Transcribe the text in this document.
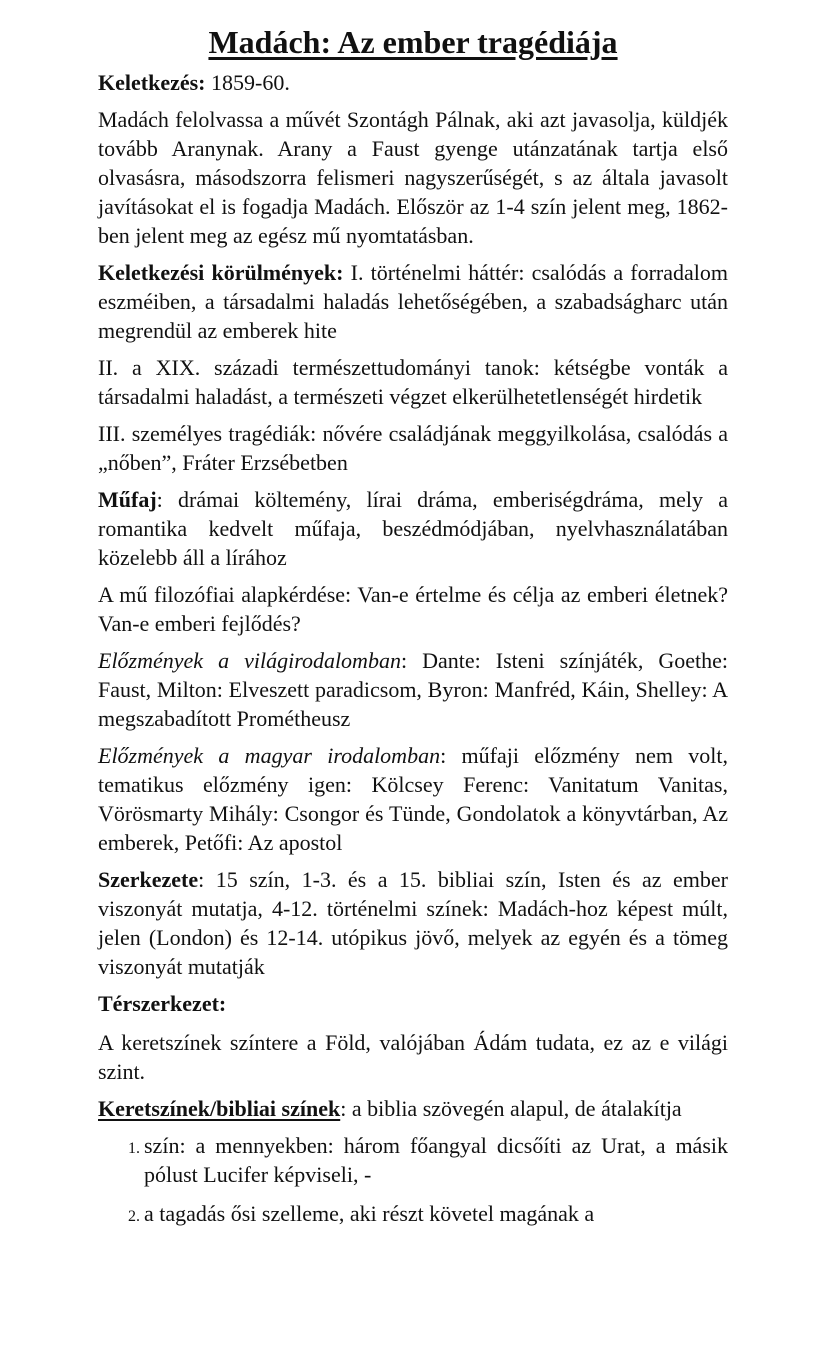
Madách: Az ember tragédiája

Keletkezés: 1859-60.

Madách felolvassa a művét Szontágh Pálnak, aki azt javasolja, küldjék tovább Aranynak. Arany a Faust gyenge utánzatának tartja első olvasásra, másodszorra felismeri nagyszerűségét, s az általa javasolt javításokat el is fogadja Madách. Először az 1-4 szín jelent meg, 1862-ben jelent meg az egész mű nyomtatásban.

Keletkezési körülmények: I. történelmi háttér: csalódás a forradalom eszméiben, a társadalmi haladás lehetőségében, a szabadságharc után megrendül az emberek hite

II. a XIX. századi természettudományi tanok: kétségbe vonták a társadalmi haladást, a természeti végzet elkerülhetetlenségét hirdetik

III. személyes tragédiák: nővére családjának meggyilkolása, csalódás a „nőben”, Fráter Erzsébetben

Műfaj: drámai költemény, lírai dráma, emberiségdráma, mely a romantika kedvelt műfaja, beszédmódjában, nyelvhasználatában közelebb áll a lírához

A mű filozófiai alapkérdése: Van-e értelme és célja az emberi életnek? Van-e emberi fejlődés?

Előzmények a világirodalomban: Dante: Isteni színjáték, Goethe: Faust, Milton: Elveszett paradicsom, Byron: Manfréd, Káin, Shelley: A megszabadított Prométheusz

Előzmények a magyar irodalomban: műfaji előzmény nem volt, tematikus előzmény igen: Kölcsey Ferenc: Vanitatum Vanitas, Vörösmarty Mihály: Csongor és Tünde, Gondolatok a könyvtárban, Az emberek, Petőfi: Az apostol

Szerkezete: 15 szín, 1-3. és a 15. bibliai szín, Isten és az ember viszonyát mutatja, 4-12. történelmi színek: Madách-hoz képest múlt, jelen (London) és 12-14. utópikus jövő, melyek az egyén és a tömeg viszonyát mutatják

Térszerkezet:

A keretszínek színtere a Föld, valójában Ádám tudata, ez az e világi szint.

Keretszínek/bibliai színek: a biblia szövegén alapul, de átalakítja

1. szín: a mennyekben: három főangyal dicsőíti az Urat, a másik pólust Lucifer képviseli, -
2. a tagadás ősi szelleme, aki részt követel magának a
